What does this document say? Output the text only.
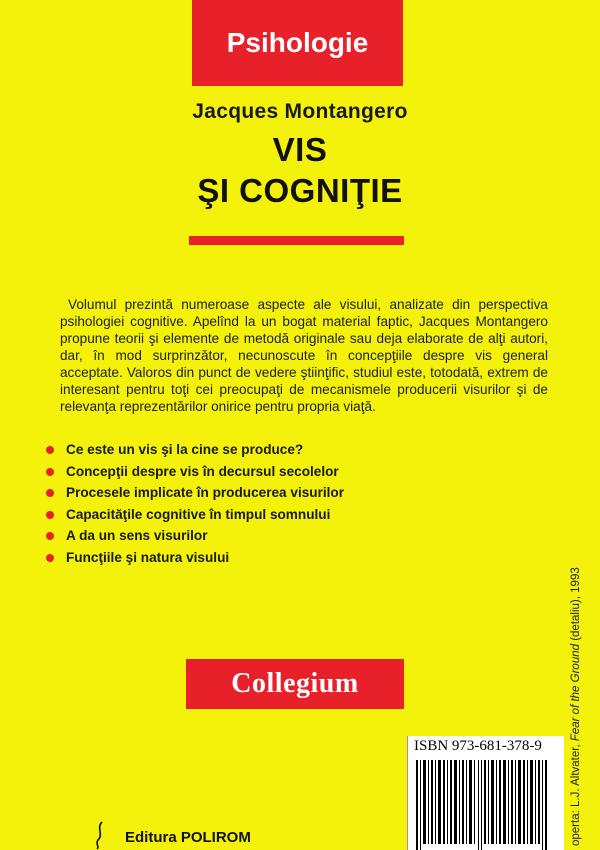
Psihologie
Jacques Montangero
VIS
ŞI COGNIŢIE
Volumul prezintă numeroase aspecte ale visului, analizate din perspectiva psihologiei cognitive. Apelînd la un bogat material faptic, Jacques Montangero propune teorii şi elemente de metodă originale sau deja elaborate de alţi autori, dar, în mod surprinzător, necunoscute în concepţiile despre vis general acceptate. Valoros din punct de vedere ştiinţific, studiul este, totodată, extrem de interesant pentru toţi cei preocupaţi de mecanismele producerii visurilor şi de relevanţa reprezentărilor onirice pentru propria viaţă.
Ce este un vis şi la cine se produce?
Concepţii despre vis în decursul secolelor
Procesele implicate în producerea visurilor
Capacităţile cognitive în timpul somnului
A da un sens visurilor
Funcţiile şi natura visului
Collegium
operta: L.J. Altvater, Fear of the Ground (detaliu), 1993
ISBN 973-681-378-9
Editura POLIROM
